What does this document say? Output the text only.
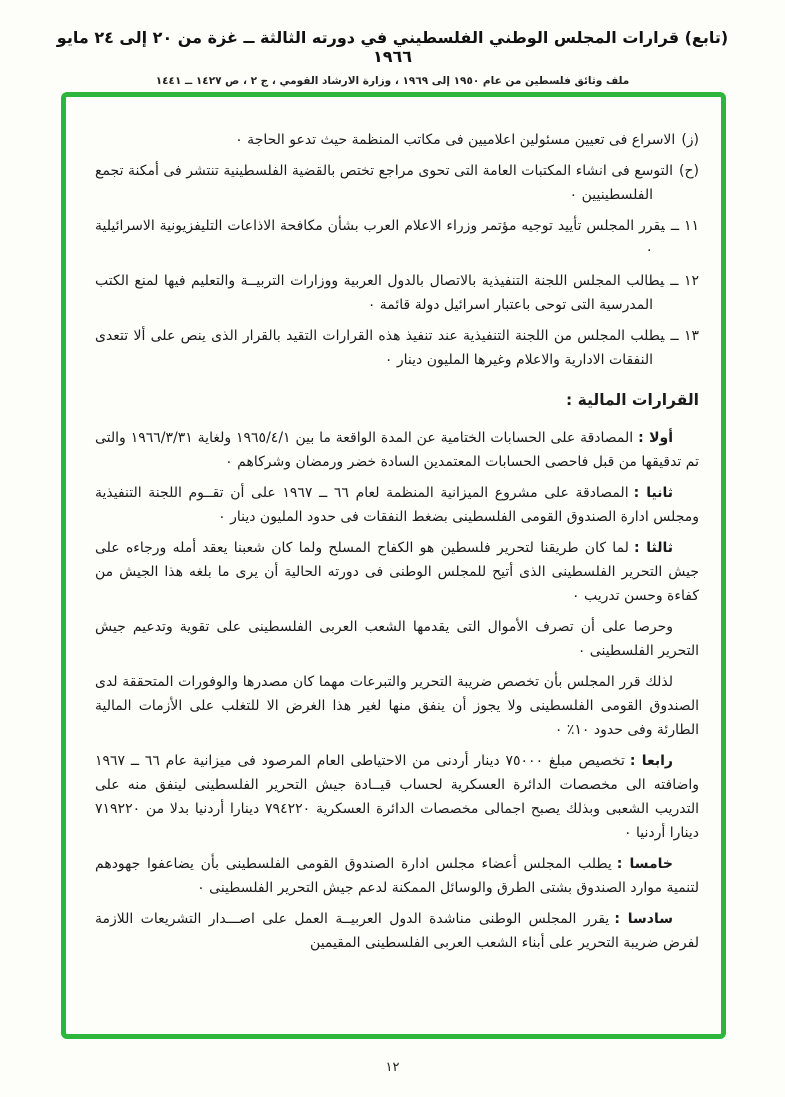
(تابع) قرارات المجلس الوطني الفلسطيني في دورته الثالثة ــ غزة من ٢٠ إلى ٢٤ مايو ١٩٦٦
ملف وثائق فلسطين من عام ١٩٥٠ إلى ١٩٦٩ ، وزارة الارشاد القومي ، ج ٢ ، ص ١٤٢٧ ــ ١٤٤١
(ز)الاسراع فى تعيين مسئولين اعلاميين فى مكاتب المنظمة حيث تدعو الحاجة ٠
(ح)التوسع فى انشاء المكتبات العامة التى تحوى مراجع تختص بالقضية الفلسطينية تنتشر فى أمكنة تجمع الفلسطينيين ٠
١١ ــيقرر المجلس تأييد توجيه مؤتمر وزراء الاعلام العرب بشأن مكافحة الاذاعات التليفزيونية الاسرائيلية ٠
١٢ ــيطالب المجلس اللجنة التنفيذية بالاتصال بالدول العربية ووزارات التربيــة والتعليم فيها لمنع الكتب المدرسية التى توحى باعتبار اسرائيل دولة قائمة ٠
١٣ ــيطلب المجلس من اللجنة التنفيذية عند تنفيذ هذه القرارات التقيد بالقرار الذى ينص على ألا تتعدى النفقات الادارية والاعلام وغيرها المليون دينار ٠
القرارات المالية :
أولا :المصادقة على الحسابات الختامية عن المدة الواقعة ما بين ١٩٦٥/٤/١ ولغاية ١٩٦٦/٣/٣١ والتى تم تدقيقها من قبل فاحصى الحسابات المعتمدين السادة خضر ورمضان وشركاهم ٠
ثانيا :المصادقة على مشروع الميزانية المنظمة لعام ٦٦ ــ ١٩٦٧ على أن تقــوم اللجنة التنفيذية ومجلس ادارة الصندوق القومى الفلسطينى بضغط النفقات فى حدود المليون دينار ٠
ثالثا :لما كان طريقنا لتحرير فلسطين هو الكفاح المسلح ولما كان شعبنا يعقد أمله ورجاءه على جيش التحرير الفلسطينى الذى أتيح للمجلس الوطنى فى دورته الحالية أن يرى ما بلغه هذا الجيش من كفاءة وحسن تدريب ٠
وحرصا على أن تصرف الأموال التى يقدمها الشعب العربى الفلسطينى على تقوية وتدعيم جيش التحرير الفلسطينى ٠
لذلك قرر المجلس بأن تخصص ضريبة التحرير والتبرعات مهما كان مصدرها والوفورات المتحققة لدى الصندوق القومى الفلسطينى ولا يجوز أن ينفق منها لغير هذا الغرض الا للتغلب على الأزمات المالية الطارئة وفى حدود ١٠٪ ٠
رابعا :تخصيص مبلغ ٧٥٠٠٠ دينار أردنى من الاحتياطى العام المرصود فى ميزانية عام ٦٦ ــ ١٩٦٧ واضافته الى مخصصات الدائرة العسكرية لحساب قيــادة جيش التحرير الفلسطينى لينفق منه على التدريب الشعبى وبذلك يصبح اجمالى مخصصات الدائرة العسكرية ٧٩٤٢٢٠ دينارا أردنيا بدلا من ٧١٩٢٢٠ دينارا أردنيا ٠
خامسا :يطلب المجلس أعضاء مجلس ادارة الصندوق القومى الفلسطينى بأن يضاعفوا جهودهم لتنمية موارد الصندوق بشتى الطرق والوسائل الممكنة لدعم جيش التحرير الفلسطينى ٠
سادسا :يقرر المجلس الوطنى مناشدة الدول العربيــة العمل على اصـــدار التشريعات اللازمة لفرض ضريبة التحرير على أبناء الشعب العربى الفلسطينى المقيمين
١٢
